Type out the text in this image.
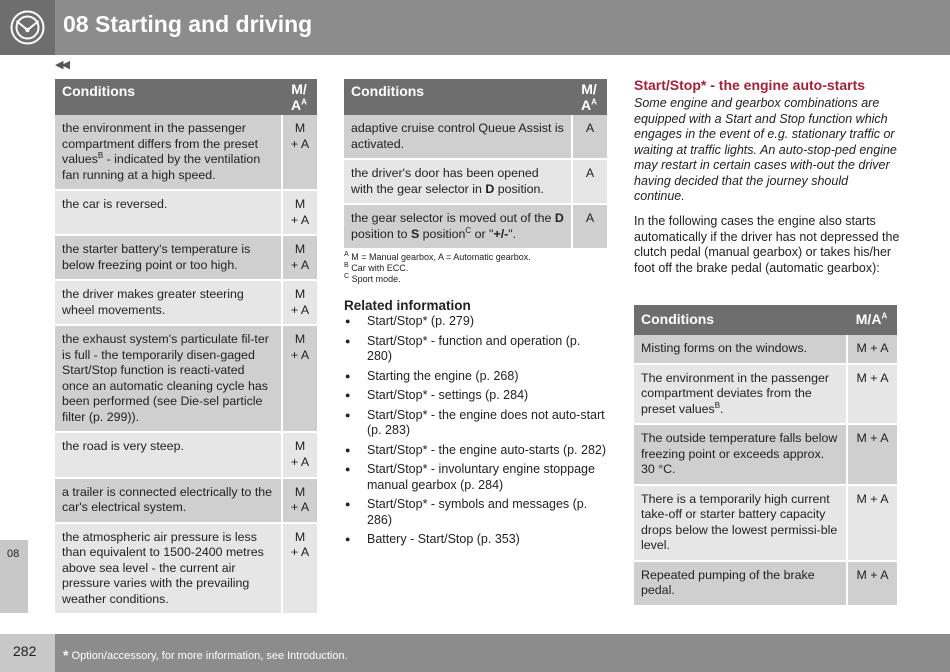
08 Starting and driving
◀◀
08
Conditions	M/
$A^A$
the environment in the passenger compartment differs from the preset values$^B$ - indicated by the ventilation fan running at a high speed.	M
+ A
the car is reversed.	M
+ A
the starter battery's temperature is below freezing point or too high.	M
+ A
the driver makes greater steering wheel movements.	M
+ A
the exhaust system's particulate fil-ter is full - the temporarily disen-gaged Start/Stop function is reacti-vated once an automatic cleaning cycle has been performed (see Die-sel particle filter (p. 299)).	M
+ A
the road is very steep.	M
+ A
a trailer is connected electrically to the car's electrical system.	M
+ A
the atmospheric air pressure is less than equivalent to 1500-2400 metres above sea level - the current air pressure varies with the prevailing weather conditions.	M
+ A
Conditions	M/
$A^A$
adaptive cruise control Queue Assist is activated.	A
the driver's door has been opened with the gear selector in D position.	A
the gear selector is moved out of the D position to S position$^C$ or "+/-".	A
$^A$ M = Manual gearbox, A = Automatic gearbox.
$^B$ Car with ECC.
$^C$ Sport mode.
Related information
● Start/Stop* (p. 279)
● Start/Stop* - function and operation (p. 280)
● Starting the engine (p. 268)
● Start/Stop* - settings (p. 284)
● Start/Stop* - the engine does not auto-start (p. 283)
● Start/Stop* - the engine auto-starts (p. 282)
● Start/Stop* - involuntary engine stoppage manual gearbox (p. 284)
● Start/Stop* - symbols and messages (p. 286)
● Battery - Start/Stop (p. 353)
Start/Stop* - the engine auto-starts

Some engine and gearbox combinations are equipped with a Start and Stop function which engages in the event of e.g. stationary traffic or waiting at traffic lights. An auto-stop-ped engine may restart in certain cases with-out the driver having decided that the journey should continue.

In the following cases the engine also starts automatically if the driver has not depressed the clutch pedal (manual gearbox) or takes his/her foot off the brake pedal (automatic gearbox):

Conditions	$M/A^A$
Misting forms on the windows.	M + A
The environment in the passenger compartment deviates from the preset values$^B$.	M + A
The outside temperature falls below freezing point or exceeds approx. 30 °C.	M + A
There is a temporarily high current take-off or starter battery capacity drops below the lowest permissi-ble level.	M + A
Repeated pumping of the brake pedal.	M + A
282 * Option/accessory, for more information, see Introduction.
